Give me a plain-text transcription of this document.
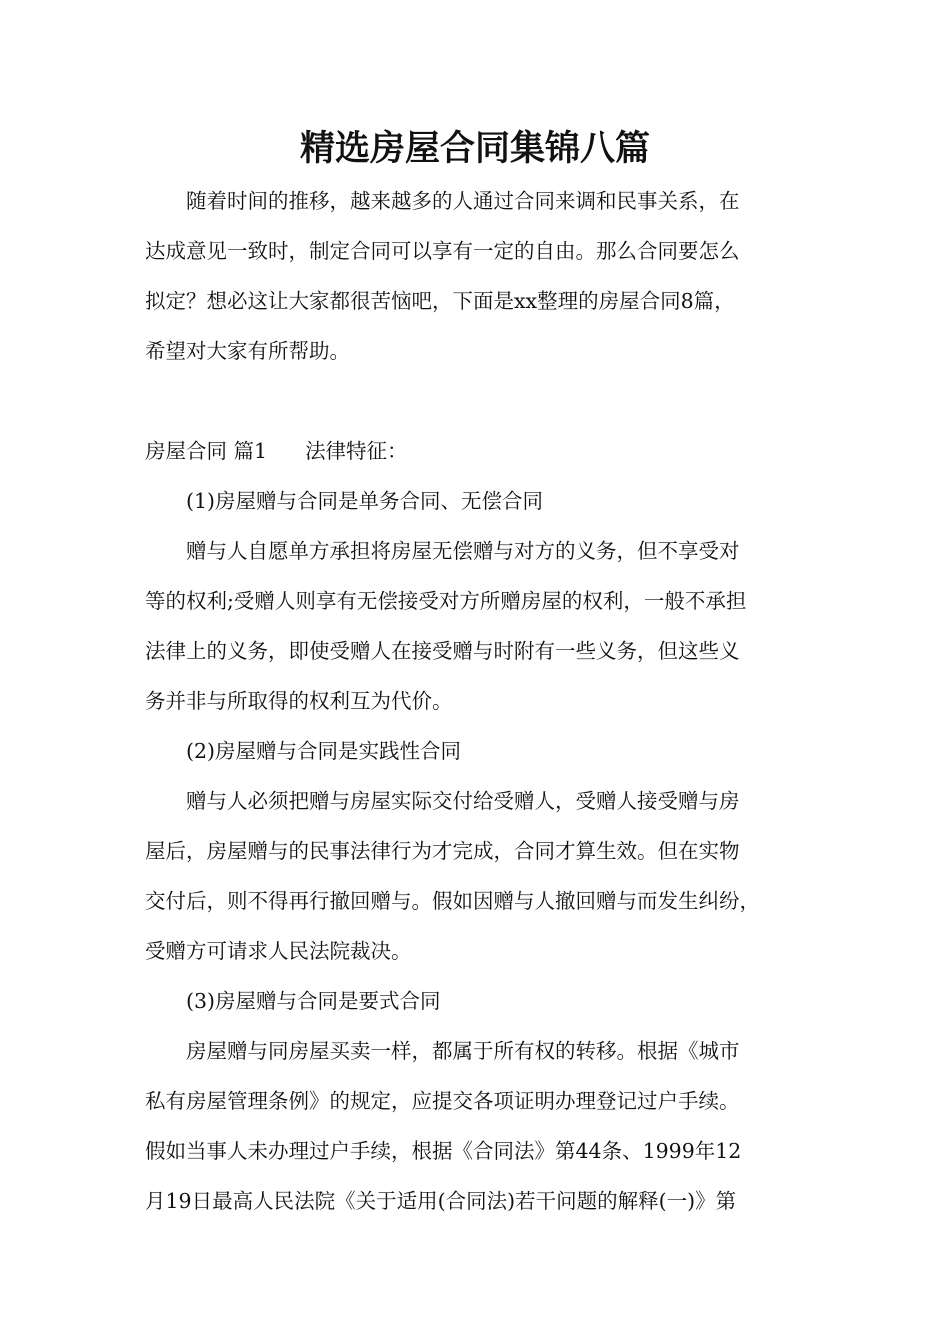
精选房屋合同集锦八篇
随着时间的推移，越来越多的人通过合同来调和民事关系，在
达成意见一致时，制定合同可以享有一定的自由。那么合同要怎么
拟定？想必这让大家都很苦恼吧，下面是xx整理的房屋合同8篇，
希望对大家有所帮助。
房屋合同 篇1 法律特征：
(1)房屋赠与合同是单务合同、无偿合同
赠与人自愿单方承担将房屋无偿赠与对方的义务，但不享受对
等的权利;受赠人则享有无偿接受对方所赠房屋的权利，一般不承担
法律上的义务，即使受赠人在接受赠与时附有一些义务，但这些义
务并非与所取得的权利互为代价。
(2)房屋赠与合同是实践性合同
赠与人必须把赠与房屋实际交付给受赠人，受赠人接受赠与房
屋后，房屋赠与的民事法律行为才完成，合同才算生效。但在实物
交付后，则不得再行撤回赠与。假如因赠与人撤回赠与而发生纠纷，
受赠方可请求人民法院裁决。
(3)房屋赠与合同是要式合同
房屋赠与同房屋买卖一样，都属于所有权的转移。根据《城市
私有房屋管理条例》的规定，应提交各项证明办理登记过户手续。
假如当事人未办理过户手续，根据《合同法》第44条、1999年12
月19日最高人民法院《关于适用(合同法)若干问题的解释(一)》第
